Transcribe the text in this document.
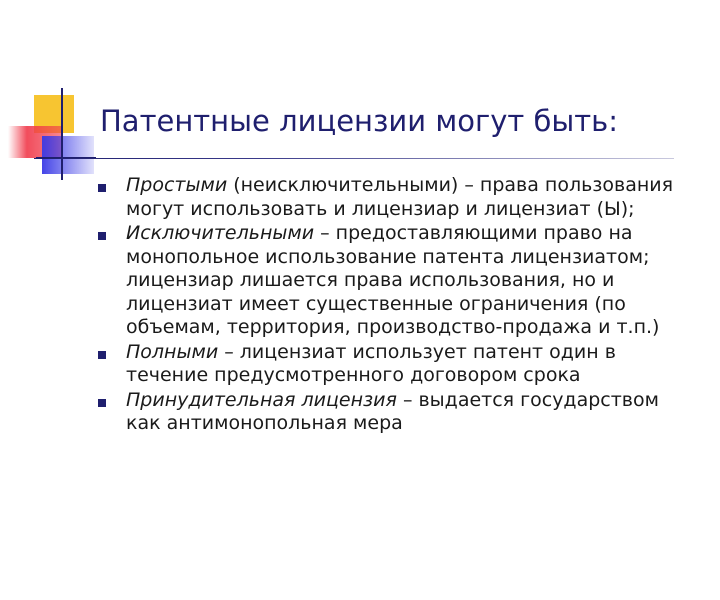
Патентные лицензии могут быть:
Простыми (неисключительными) – права пользования могут использовать и лицензиар и лицензиат (Ы);
Исключительными – предоставляющими право на монопольное использование патента лицензиатом; лицензиар лишается права использования, но и лицензиат имеет существенные ограничения (по объемам, территория, производство-продажа и т.п.)
Полными – лицензиат использует патент один в течение предусмотренного договором срока
Принудительная лицензия – выдается государством как антимонопольная мера
